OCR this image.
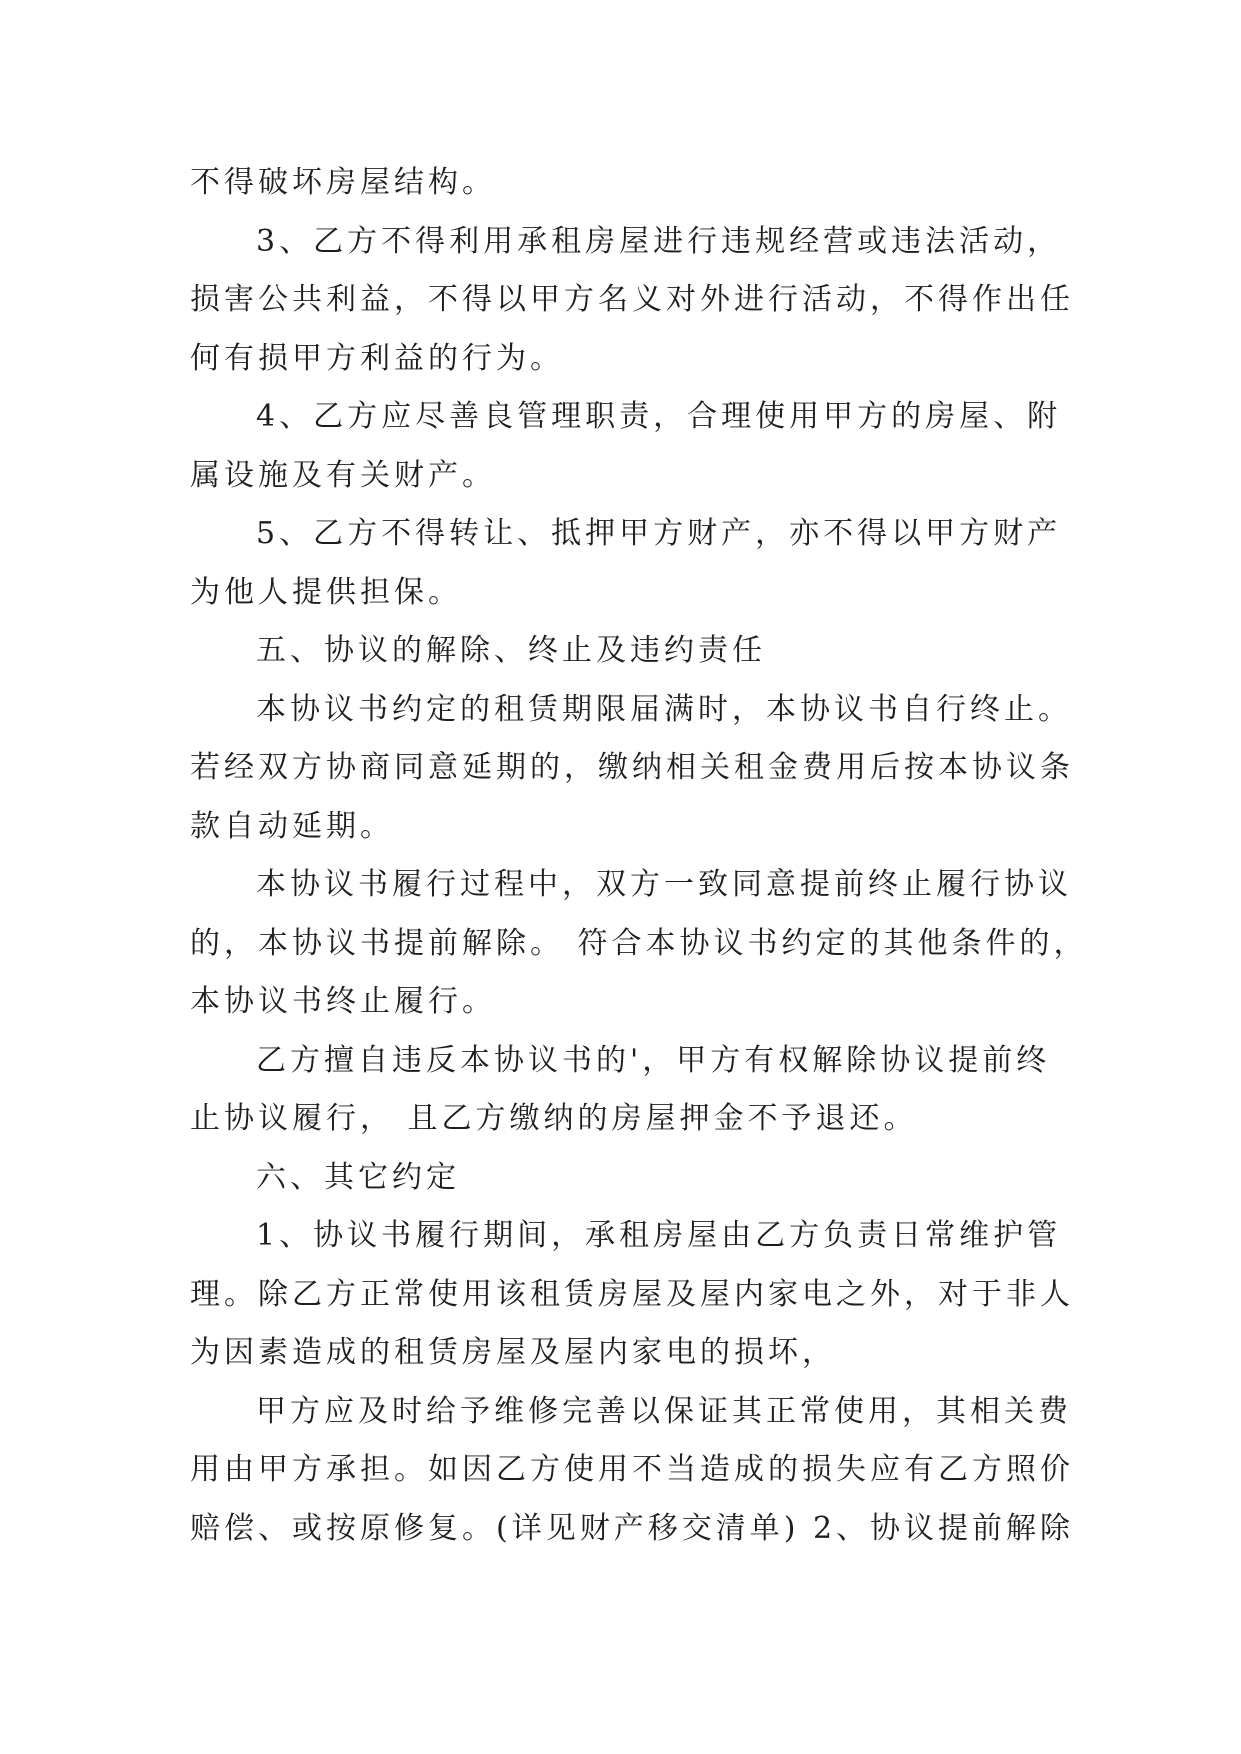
不得破坏房屋结构。
3、乙方不得利用承租房屋进行违规经营或违法活动，
损害公共利益，不得以甲方名义对外进行活动，不得作出任
何有损甲方利益的行为。
4、乙方应尽善良管理职责，合理使用甲方的房屋、附
属设施及有关财产。
5、乙方不得转让、抵押甲方财产，亦不得以甲方财产
为他人提供担保。
五、协议的解除、终止及违约责任
本协议书约定的租赁期限届满时，本协议书自行终止。
若经双方协商同意延期的，缴纳相关租金费用后按本协议条
款自动延期。
本协议书履行过程中，双方一致同意提前终止履行协议
的，本协议书提前解除。 符合本协议书约定的其他条件的，
本协议书终止履行。
乙方擅自违反本协议书的'，甲方有权解除协议提前终
止协议履行， 且乙方缴纳的房屋押金不予退还。
六、其它约定
1、协议书履行期间，承租房屋由乙方负责日常维护管
理。除乙方正常使用该租赁房屋及屋内家电之外，对于非人
为因素造成的租赁房屋及屋内家电的损坏，
甲方应及时给予维修完善以保证其正常使用，其相关费
用由甲方承担。如因乙方使用不当造成的损失应有乙方照价
赔偿、或按原修复。(详见财产移交清单) 2、协议提前解除
